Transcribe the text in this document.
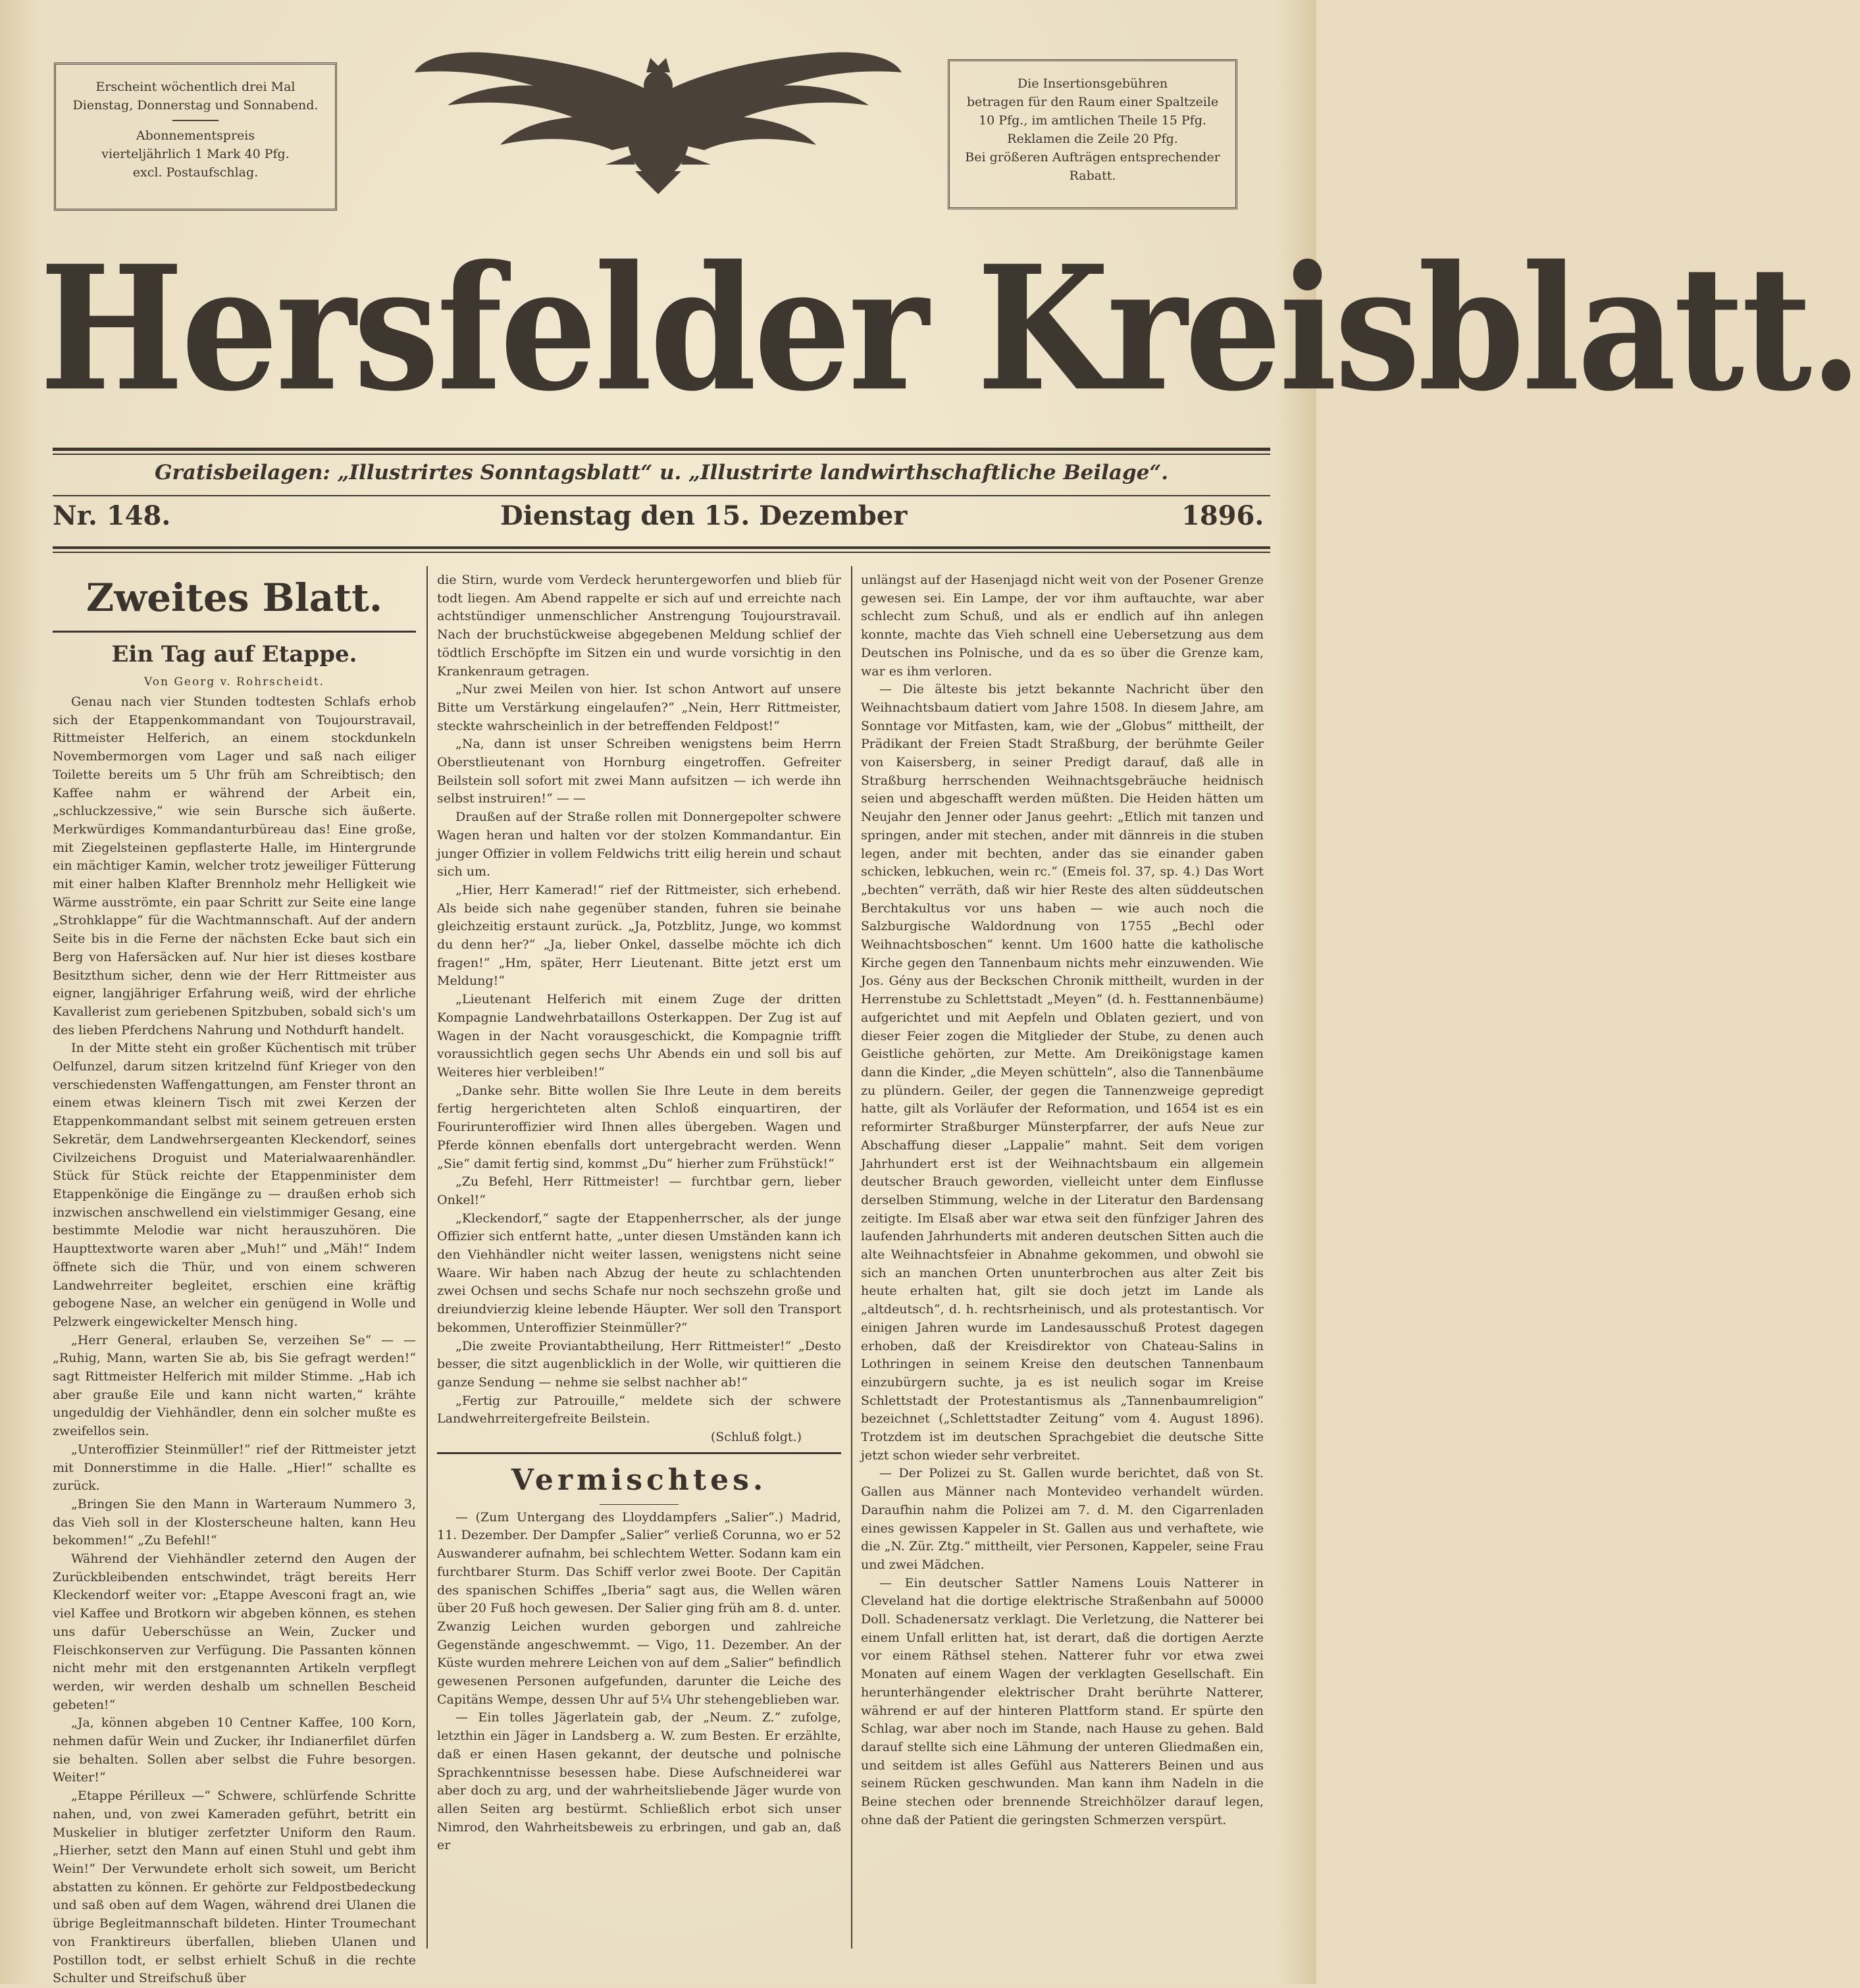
Erscheint wöchentlich drei Mal
Dienstag, Donnerstag und Sonnabend.
Abonnementspreis
vierteljährlich 1 Mark 40 Pfg.
excl. Postaufschlag.
Die Insertionsgebühren
betragen für den Raum einer Spaltzeile
10 Pfg., im amtlichen Theile 15 Pfg.
Reklamen die Zeile 20 Pfg.
Bei größeren Aufträgen entsprechender
Rabatt.
Hersfelder Kreisblatt.
Gratisbeilagen: „Illustrirtes Sonntagsblatt“ u. „Illustrirte landwirthschaftliche Beilage“.
Nr. 148.	Dienstag den 15. Dezember	1896.
Zweites Blatt.
Ein Tag auf Etappe.
Von Georg v. Rohrscheidt.

Genau nach vier Stunden todtesten Schlafs erhob sich der Etappenkommandant von Toujourstravail, Rittmeister Helferich, an einem stockdunkeln Novembermorgen vom Lager und saß nach eiliger Toilette bereits um 5 Uhr früh am Schreibtisch; den Kaffee nahm er während der Arbeit ein, „schluckzessive,“ wie sein Bursche sich äußerte. Merkwürdiges Kommandanturbüreau das! Eine große, mit Ziegelsteinen gepflasterte Halle, im Hintergrunde ein mächtiger Kamin, welcher trotz jeweiliger Fütterung mit einer halben Klafter Brennholz mehr Helligkeit wie Wärme ausströmte, ein paar Schritt zur Seite eine lange „Strohklappe“ für die Wachtmannschaft. Auf der andern Seite bis in die Ferne der nächsten Ecke baut sich ein Berg von Hafersäcken auf. Nur hier ist dieses kostbare Besitzthum sicher, denn wie der Herr Rittmeister aus eigner, langjähriger Erfahrung weiß, wird der ehrliche Kavallerist zum geriebenen Spitzbuben, sobald sich's um des lieben Pferdchens Nahrung und Nothdurft handelt.

In der Mitte steht ein großer Küchentisch mit trüber Oelfunzel, darum sitzen kritzelnd fünf Krieger von den verschiedensten Waffengattungen, am Fenster thront an einem etwas kleinern Tisch mit zwei Kerzen der Etappenkommandant selbst mit seinem getreuen ersten Sekretär, dem Landwehrsergeanten Kleckendorf, seines Civilzeichens Droguist und Materialwaarenhändler. Stück für Stück reichte der Etappenminister dem Etappenkönige die Eingänge zu — draußen erhob sich inzwischen anschwellend ein vielstimmiger Gesang, eine bestimmte Melodie war nicht herauszuhören. Die Haupttextworte waren aber „Muh!“ und „Mäh!“ Indem öffnete sich die Thür, und von einem schweren Landwehrreiter begleitet, erschien eine kräftig gebogene Nase, an welcher ein genügend in Wolle und Pelzwerk eingewickelter Mensch hing.

„Herr General, erlauben Se, verzeihen Se“ — — „Ruhig, Mann, warten Sie ab, bis Sie gefragt werden!“ sagt Rittmeister Helferich mit milder Stimme. „Hab ich aber grauße Eile und kann nicht warten,“ krähte ungeduldig der Viehhändler, denn ein solcher mußte es zweifellos sein.

„Unteroffizier Steinmüller!“ rief der Rittmeister jetzt mit Donnerstimme in die Halle. „Hier!“ schallte es zurück.

„Bringen Sie den Mann in Warteraum Nummero 3, das Vieh soll in der Klosterscheune halten, kann Heu bekommen!“ „Zu Befehl!“

Während der Viehhändler zeternd den Augen der Zurückbleibenden entschwindet, trägt bereits Herr Kleckendorf weiter vor: „Etappe Avesconi fragt an, wie viel Kaffee und Brotkorn wir abgeben können, es stehen uns dafür Ueberschüsse an Wein, Zucker und Fleischkonserven zur Verfügung. Die Passanten können nicht mehr mit den erstgenannten Artikeln verpflegt werden, wir werden deshalb um schnellen Bescheid gebeten!“

„Ja, können abgeben 10 Centner Kaffee, 100 Korn, nehmen dafür Wein und Zucker, ihr Indianerfilet dürfen sie behalten. Sollen aber selbst die Fuhre besorgen. Weiter!“

„Etappe Périlleux —“ Schwere, schlürfende Schritte nahen, und, von zwei Kameraden geführt, betritt ein Muskelier in blutiger zerfetzter Uniform den Raum. „Hierher, setzt den Mann auf einen Stuhl und gebt ihm Wein!“ Der Verwundete erholt sich soweit, um Bericht abstatten zu können. Er gehörte zur Feldpostbedeckung und saß oben auf dem Wagen, während drei Ulanen die übrige Begleitmannschaft bildeten. Hinter Troumechant von Franktireurs überfallen, blieben Ulanen und Postillon todt, er selbst erhielt Schuß in die rechte Schulter und Streifschuß über

die Stirn, wurde vom Verdeck heruntergeworfen und blieb für todt liegen. Am Abend rappelte er sich auf und erreichte nach achtstündiger unmenschlicher Anstrengung Toujourstravail. Nach der bruchstückweise abgegebenen Meldung schlief der tödtlich Erschöpfte im Sitzen ein und wurde vorsichtig in den Krankenraum getragen.

„Nur zwei Meilen von hier. Ist schon Antwort auf unsere Bitte um Verstärkung eingelaufen?“ „Nein, Herr Rittmeister, steckte wahrscheinlich in der betreffenden Feldpost!“

„Na, dann ist unser Schreiben wenigstens beim Herrn Oberstlieutenant von Hornburg eingetroffen. Gefreiter Beilstein soll sofort mit zwei Mann aufsitzen — ich werde ihn selbst instruiren!“ — —

Draußen auf der Straße rollen mit Donnergepolter schwere Wagen heran und halten vor der stolzen Kommandantur. Ein junger Offizier in vollem Feldwichs tritt eilig herein und schaut sich um.

„Hier, Herr Kamerad!“ rief der Rittmeister, sich erhebend. Als beide sich nahe gegenüber standen, fuhren sie beinahe gleichzeitig erstaunt zurück. „Ja, Potzblitz, Junge, wo kommst du denn her?“ „Ja, lieber Onkel, dasselbe möchte ich dich fragen!“ „Hm, später, Herr Lieutenant. Bitte jetzt erst um Meldung!“

„Lieutenant Helferich mit einem Zuge der dritten Kompagnie Landwehrbataillons Osterkappen. Der Zug ist auf Wagen in der Nacht vorausgeschickt, die Kompagnie trifft voraussichtlich gegen sechs Uhr Abends ein und soll bis auf Weiteres hier verbleiben!“

„Danke sehr. Bitte wollen Sie Ihre Leute in dem bereits fertig hergerichteten alten Schloß einquartiren, der Fourirunteroffizier wird Ihnen alles übergeben. Wagen und Pferde können ebenfalls dort untergebracht werden. Wenn „Sie“ damit fertig sind, kommst „Du“ hierher zum Frühstück!“

„Zu Befehl, Herr Rittmeister! — furchtbar gern, lieber Onkel!“

„Kleckendorf,“ sagte der Etappenherrscher, als der junge Offizier sich entfernt hatte, „unter diesen Umständen kann ich den Viehhändler nicht weiter lassen, wenigstens nicht seine Waare. Wir haben nach Abzug der heute zu schlachtenden zwei Ochsen und sechs Schafe nur noch sechszehn große und dreiundvierzig kleine lebende Häupter. Wer soll den Transport bekommen, Unteroffizier Steinmüller?“

„Die zweite Proviantabtheilung, Herr Rittmeister!“ „Desto besser, die sitzt augenblicklich in der Wolle, wir quittieren die ganze Sendung — nehme sie selbst nachher ab!“

„Fertig zur Patrouille,“ meldete sich der schwere Landwehrreitergefreite Beilstein.

(Schluß folgt.)
Vermischtes.

— (Zum Untergang des Lloyddampfers „Salier“.) Madrid, 11. Dezember. Der Dampfer „Salier“ verließ Corunna, wo er 52 Auswanderer aufnahm, bei schlechtem Wetter. Sodann kam ein furchtbarer Sturm. Das Schiff verlor zwei Boote. Der Capitän des spanischen Schiffes „Iberia“ sagt aus, die Wellen wären über 20 Fuß hoch gewesen. Der Salier ging früh am 8. d. unter. Zwanzig Leichen wurden geborgen und zahlreiche Gegenstände angeschwemmt. — Vigo, 11. Dezember. An der Küste wurden mehrere Leichen von auf dem „Salier“ befindlich gewesenen Personen aufgefunden, darunter die Leiche des Capitäns Wempe, dessen Uhr auf 5¼ Uhr stehengeblieben war.

— Ein tolles Jägerlatein gab, der „Neum. Z.“ zufolge, letzthin ein Jäger in Landsberg a. W. zum Besten. Er erzählte, daß er einen Hasen gekannt, der deutsche und polnische Sprachkenntnisse besessen habe. Diese Aufschneiderei war aber doch zu arg, und der wahrheitsliebende Jäger wurde von allen Seiten arg bestürmt. Schließlich erbot sich unser Nimrod, den Wahrheitsbeweis zu erbringen, und gab an, daß er

unlängst auf der Hasenjagd nicht weit von der Posener Grenze gewesen sei. Ein Lampe, der vor ihm auftauchte, war aber schlecht zum Schuß, und als er endlich auf ihn anlegen konnte, machte das Vieh schnell eine Uebersetzung aus dem Deutschen ins Polnische, und da es so über die Grenze kam, war es ihm verloren.

— Die älteste bis jetzt bekannte Nachricht über den Weihnachtsbaum datiert vom Jahre 1508. In diesem Jahre, am Sonntage vor Mitfasten, kam, wie der „Globus“ mittheilt, der Prädikant der Freien Stadt Straßburg, der berühmte Geiler von Kaisersberg, in seiner Predigt darauf, daß alle in Straßburg herrschenden Weihnachtsgebräuche heidnisch seien und abgeschafft werden müßten. Die Heiden hätten um Neujahr den Jenner oder Janus geehrt: „Etlich mit tanzen und springen, ander mit stechen, ander mit dännreis in die stuben legen, ander mit bechten, ander das sie einander gaben schicken, lebkuchen, wein rc.“ (Emeis fol. 37, sp. 4.) Das Wort „bechten“ verräth, daß wir hier Reste des alten süddeutschen Berchtakultus vor uns haben — wie auch noch die Salzburgische Waldordnung von 1755 „Bechl oder Weihnachtsboschen“ kennt. Um 1600 hatte die katholische Kirche gegen den Tannenbaum nichts mehr einzuwenden. Wie Jos. Gény aus der Beckschen Chronik mittheilt, wurden in der Herrenstube zu Schlettstadt „Meyen“ (d. h. Festtannenbäume) aufgerichtet und mit Aepfeln und Oblaten geziert, und von dieser Feier zogen die Mitglieder der Stube, zu denen auch Geistliche gehörten, zur Mette. Am Dreikönigstage kamen dann die Kinder, „die Meyen schütteln“, also die Tannenbäume zu plündern. Geiler, der gegen die Tannenzweige gepredigt hatte, gilt als Vorläufer der Reformation, und 1654 ist es ein reformirter Straßburger Münsterpfarrer, der aufs Neue zur Abschaffung dieser „Lappalie“ mahnt. Seit dem vorigen Jahrhundert erst ist der Weihnachtsbaum ein allgemein deutscher Brauch geworden, vielleicht unter dem Einflusse derselben Stimmung, welche in der Literatur den Bardensang zeitigte. Im Elsaß aber war etwa seit den fünfziger Jahren des laufenden Jahrhunderts mit anderen deutschen Sitten auch die alte Weihnachtsfeier in Abnahme gekommen, und obwohl sie sich an manchen Orten ununterbrochen aus alter Zeit bis heute erhalten hat, gilt sie doch jetzt im Lande als „altdeutsch“, d. h. rechtsrheinisch, und als protestantisch. Vor einigen Jahren wurde im Landesausschuß Protest dagegen erhoben, daß der Kreisdirektor von Chateau-Salins in Lothringen in seinem Kreise den deutschen Tannenbaum einzubürgern suchte, ja es ist neulich sogar im Kreise Schlettstadt der Protestantismus als „Tannenbaumreligion“ bezeichnet („Schlettstadter Zeitung“ vom 4. August 1896). Trotzdem ist im deutschen Sprachgebiet die deutsche Sitte jetzt schon wieder sehr verbreitet.

— Der Polizei zu St. Gallen wurde berichtet, daß von St. Gallen aus Männer nach Montevideo verhandelt würden. Daraufhin nahm die Polizei am 7. d. M. den Cigarrenladen eines gewissen Kappeler in St. Gallen aus und verhaftete, wie die „N. Zür. Ztg.“ mittheilt, vier Personen, Kappeler, seine Frau und zwei Mädchen.

— Ein deutscher Sattler Namens Louis Natterer in Cleveland hat die dortige elektrische Straßenbahn auf 50000 Doll. Schadenersatz verklagt. Die Verletzung, die Natterer bei einem Unfall erlitten hat, ist derart, daß die dortigen Aerzte vor einem Räthsel stehen. Natterer fuhr vor etwa zwei Monaten auf einem Wagen der verklagten Gesellschaft. Ein herunterhängender elektrischer Draht berührte Natterer, während er auf der hinteren Plattform stand. Er spürte den Schlag, war aber noch im Stande, nach Hause zu gehen. Bald darauf stellte sich eine Lähmung der unteren Gliedmaßen ein, und seitdem ist alles Gefühl aus Natterers Beinen und aus seinem Rücken geschwunden. Man kann ihm Nadeln in die Beine stechen oder brennende Streichhölzer darauf legen, ohne daß der Patient die geringsten Schmerzen verspürt.
